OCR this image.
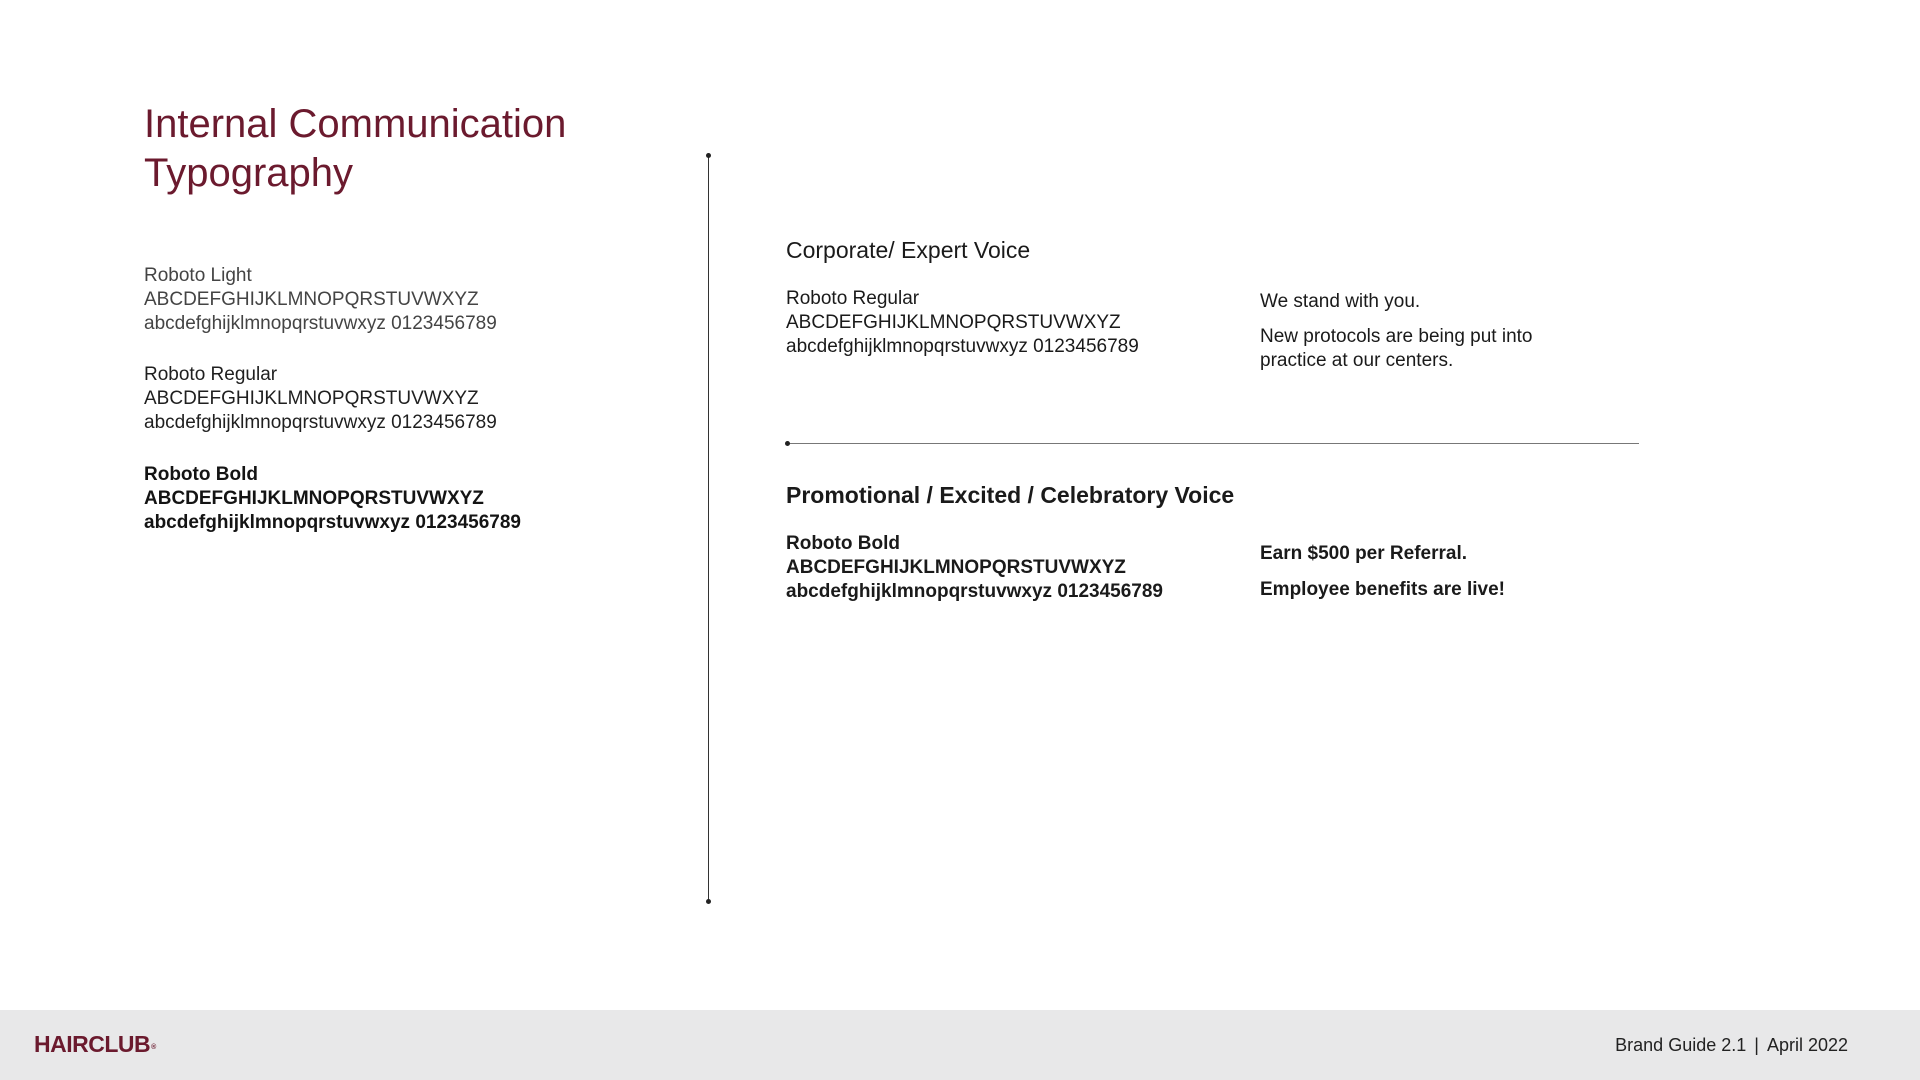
Internal Communication
Typography
Roboto Light
ABCDEFGHIJKLMNOPQRSTUVWXYZ
abcdefghijklmnopqrstuvwxyz 0123456789
Roboto Regular
ABCDEFGHIJKLMNOPQRSTUVWXYZ
abcdefghijklmnopqrstuvwxyz 0123456789
Roboto Bold
ABCDEFGHIJKLMNOPQRSTUVWXYZ
abcdefghijklmnopqrstuvwxyz 0123456789
Corporate/ Expert Voice
Roboto Regular
ABCDEFGHIJKLMNOPQRSTUVWXYZ
abcdefghijklmnopqrstuvwxyz 0123456789

We stand with you.

New protocols are being put into practice at our centers.

Promotional / Excited / Celebratory Voice
Roboto Bold
ABCDEFGHIJKLMNOPQRSTUVWXYZ
abcdefghijklmnopqrstuvwxyz 0123456789

Earn $500 per Referral.

Employee benefits are live!

HAIRCLUB®	Brand Guide 2.1 | April 2022
